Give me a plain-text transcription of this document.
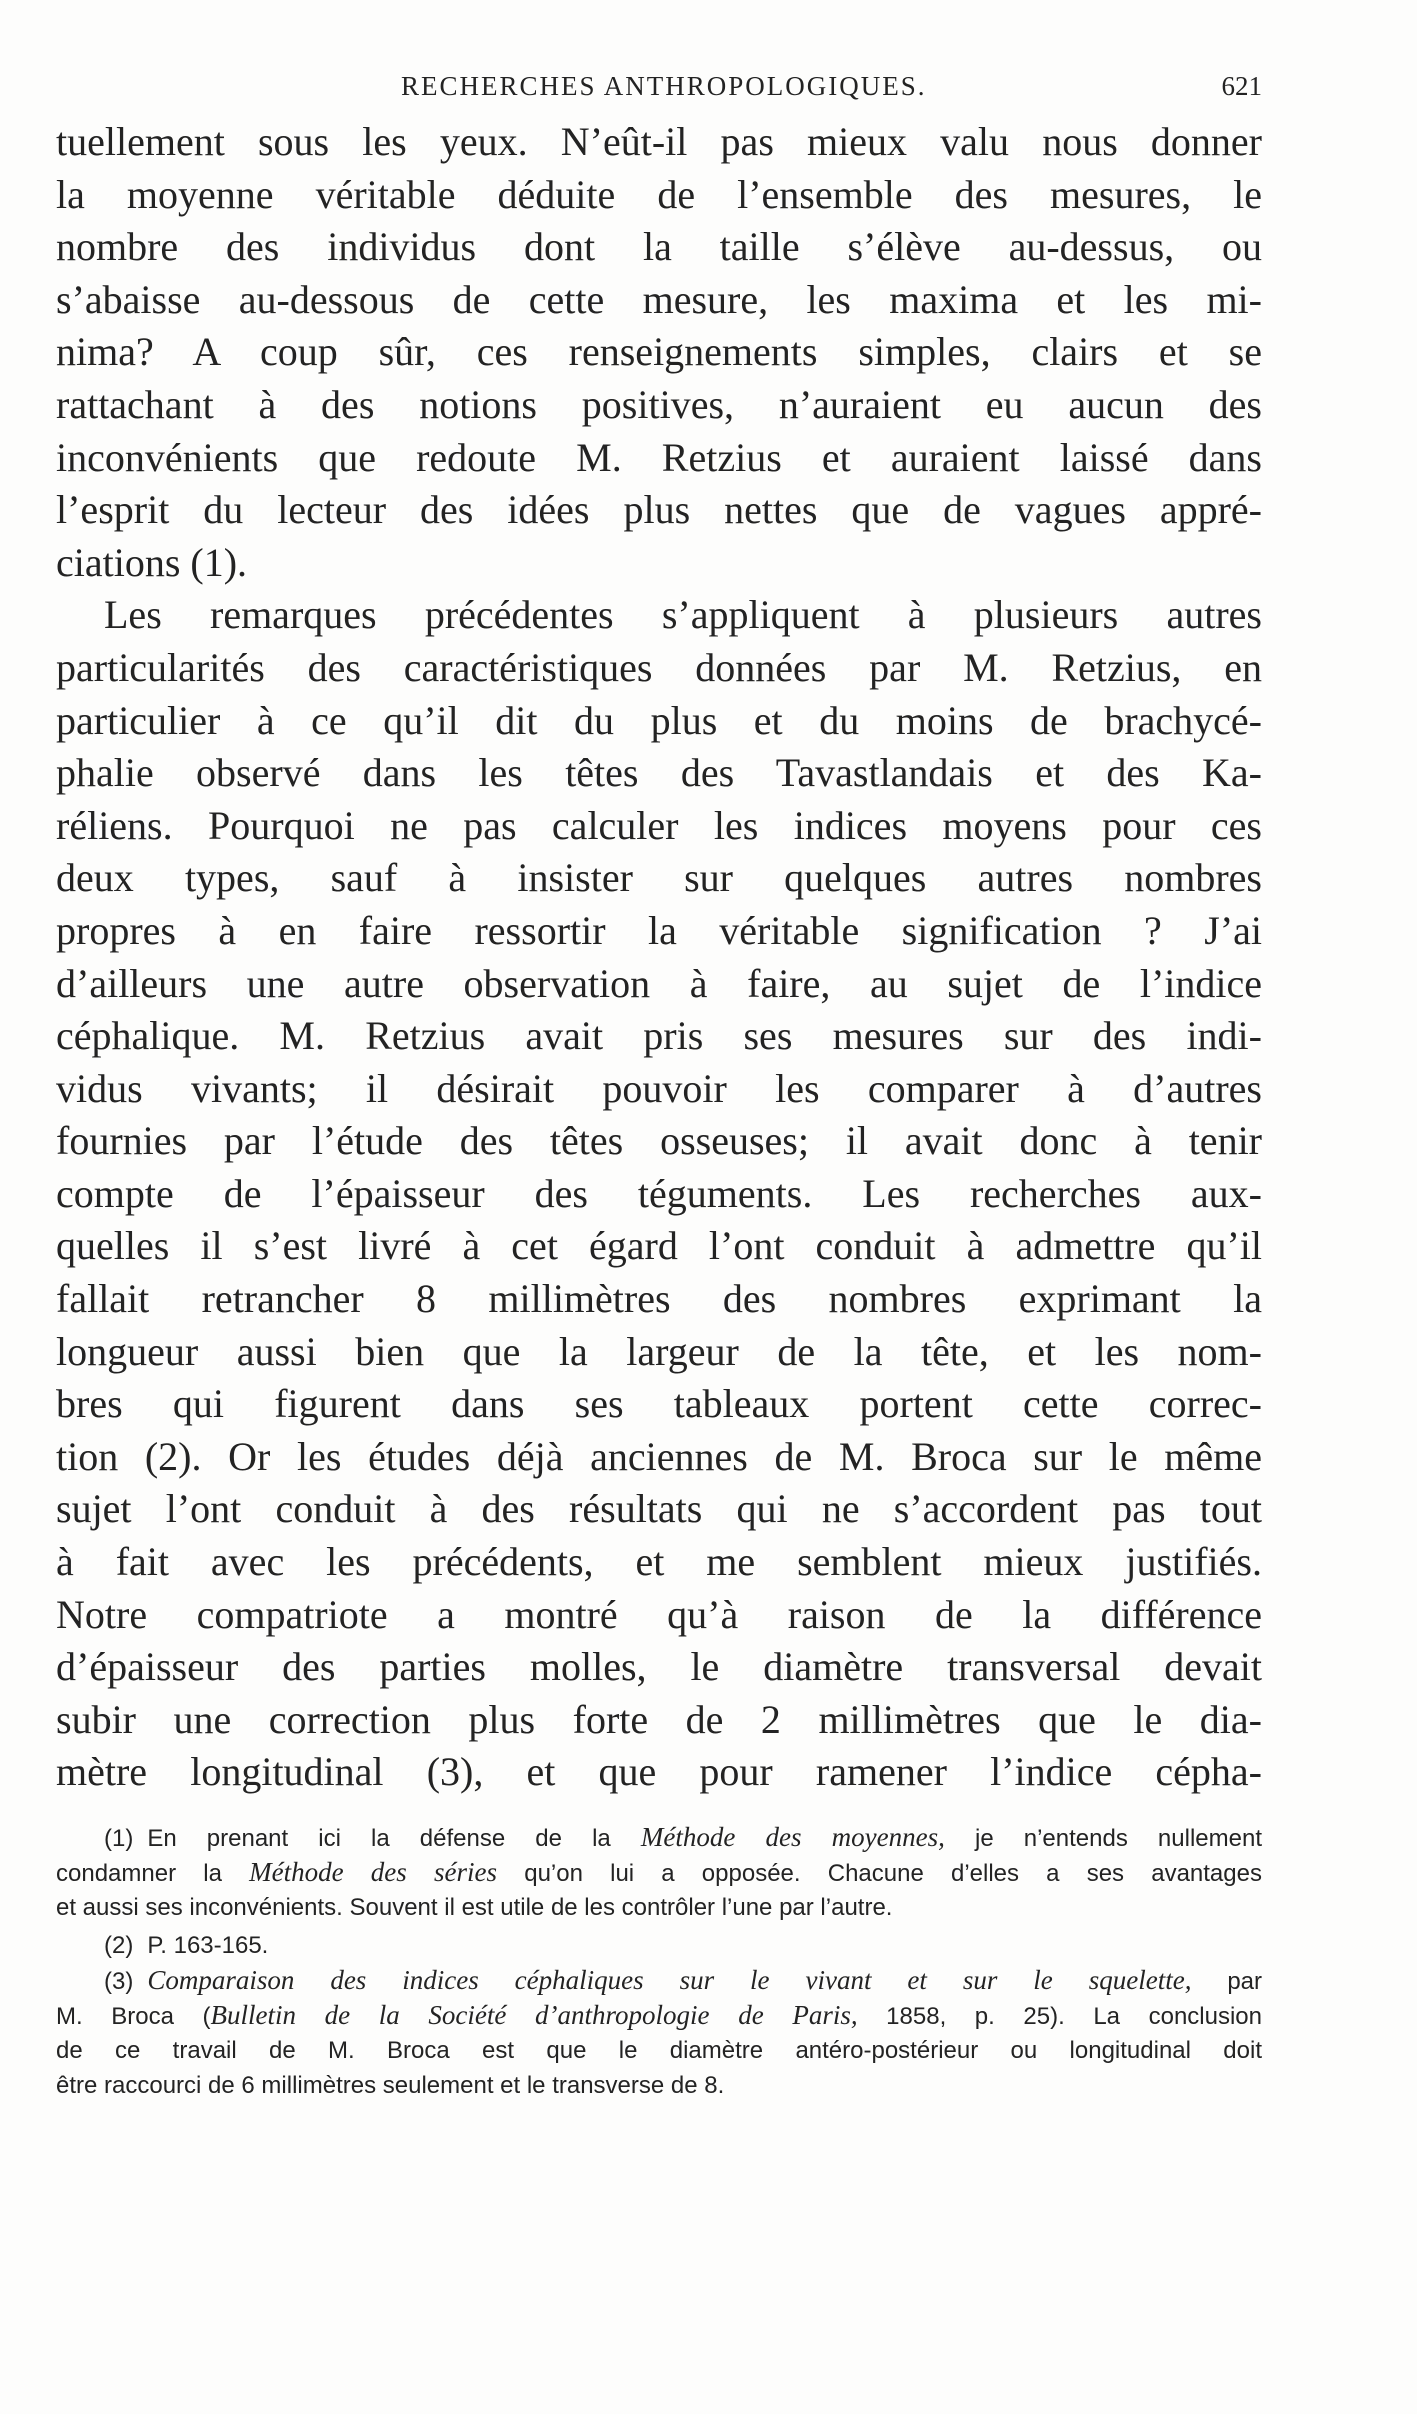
RECHERCHES ANTHROPOLOGIQUES.	621
tuellement sous les yeux. N’eût-il pas mieux valu nous donner
la moyenne véritable déduite de l’ensemble des mesures, le
nombre des individus dont la taille s’élève au-dessus, ou
s’abaisse au-dessous de cette mesure, les maxima et les mi-
nima? A coup sûr, ces renseignements simples, clairs et se
rattachant à des notions positives, n’auraient eu aucun des
inconvénients que redoute M. Retzius et auraient laissé dans
l’esprit du lecteur des idées plus nettes que de vagues appré-
ciations (1).
Les remarques précédentes s’appliquent à plusieurs autres
particularités des caractéristiques données par M. Retzius, en
particulier à ce qu’il dit du plus et du moins de brachycé-
phalie observé dans les têtes des Tavastlandais et des Ka-
réliens. Pourquoi ne pas calculer les indices moyens pour ces
deux types, sauf à insister sur quelques autres nombres
propres à en faire ressortir la véritable signification ? J’ai
d’ailleurs une autre observation à faire, au sujet de l’indice
céphalique. M. Retzius avait pris ses mesures sur des indi-
vidus vivants; il désirait pouvoir les comparer à d’autres
fournies par l’étude des têtes osseuses; il avait donc à tenir
compte de l’épaisseur des téguments. Les recherches aux-
quelles il s’est livré à cet égard l’ont conduit à admettre qu’il
fallait retrancher 8 millimètres des nombres exprimant la
longueur aussi bien que la largeur de la tête, et les nom-
bres qui figurent dans ses tableaux portent cette correc-
tion (2). Or les études déjà anciennes de M. Broca sur le même
sujet l’ont conduit à des résultats qui ne s’accordent pas tout
à fait avec les précédents, et me semblent mieux justifiés.
Notre compatriote a montré qu’à raison de la différence
d’épaisseur des parties molles, le diamètre transversal devait
subir une correction plus forte de 2 millimètres que le dia-
mètre longitudinal (3), et que pour ramener l’indice cépha-
(1) En prenant ici la défense de la Méthode des moyennes, je n’entends nullement
condamner la Méthode des séries qu’on lui a opposée. Chacune d’elles a ses avantages
et aussi ses inconvénients. Souvent il est utile de les contrôler l’une par l’autre.
(2) P. 163-165.
(3) Comparaison des indices céphaliques sur le vivant et sur le squelette, par
M. Broca (Bulletin de la Société d’anthropologie de Paris, 1858, p. 25). La conclusion
de ce travail de M. Broca est que le diamètre antéro-postérieur ou longitudinal doit
être raccourci de 6 millimètres seulement et le transverse de 8.
